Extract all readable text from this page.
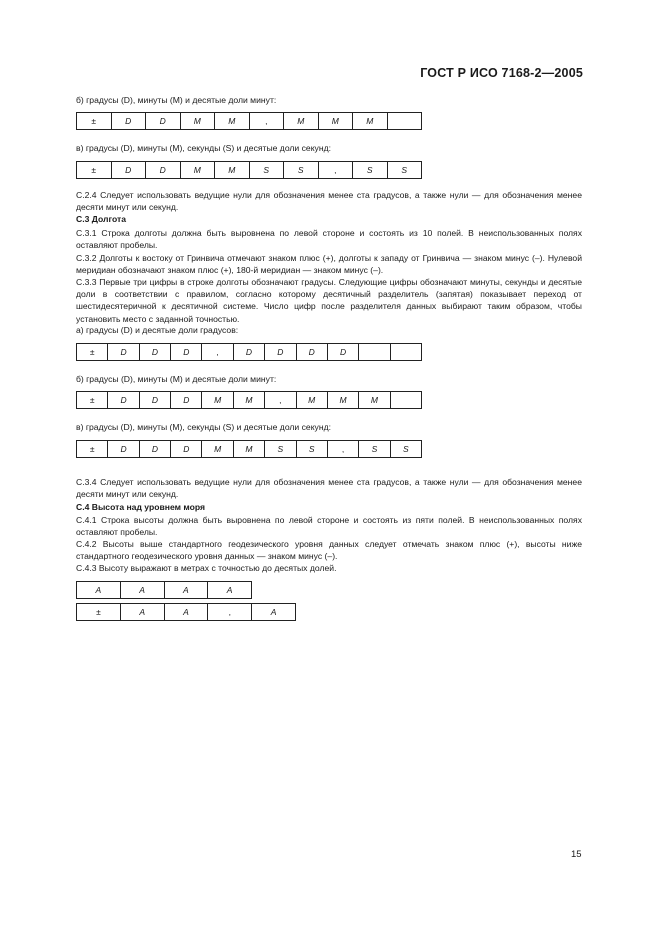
ГОСТ Р ИСО 7168-2—2005

б) градусы (D), минуты (M) и десятые доли минут:

±	D	D	M	M	,	M	M	M	

в) градусы (D), минуты (M), секунды (S) и десятые доли секунд:

±	D	D	M	M	S	S	,	S	S

С.2.4 Следует использовать ведущие нули для обозначения менее ста градусов, а также нули — для обозначения менее десяти минут или секунд.

С.3 Долгота

С.3.1 Строка долготы должна быть выровнена по левой стороне и состоять из 10 полей. В неиспользованных полях оставляют пробелы.

С.3.2 Долготы к востоку от Гринвича отмечают знаком плюс (+), долготы к западу от Гринвича — знаком минус (–). Нулевой меридиан обозначают знаком плюс (+), 180-й меридиан — знаком минус (–).

С.3.3 Первые три цифры в строке долготы обозначают градусы. Следующие цифры обозначают минуты, секунды и десятые доли в соответствии с правилом, согласно которому десятичный разделитель (запятая) показывает переход от шестидесятеричной к десятичной системе. Число цифр после разделителя данных выбирают таким образом, чтобы установить место с заданной точностью.

а) градусы (D) и десятые доли градусов:

±	D	D	D	,	D	D	D	D		

б) градусы (D), минуты (M) и десятые доли минут:

±	D	D	D	M	M	,	M	M	M	

в) градусы (D), минуты (M), секунды (S) и десятые доли секунд:

±	D	D	D	M	M	S	S	,	S	S

С.3.4 Следует использовать ведущие нули для обозначения менее ста градусов, а также нули — для обозначения менее десяти минут или секунд.

С.4 Высота над уровнем моря

С.4.1 Строка высоты должна быть выровнена по левой стороне и состоять из пяти полей. В неиспользованных полях оставляют пробелы.

С.4.2 Высоты выше стандартного геодезического уровня данных следует отмечать знаком плюс (+), высоты ниже стандартного геодезического уровня данных — знаком минус (–).

С.4.3 Высоту выражают в метрах с точностью до десятых долей.

A	A	A	A
±	A	A	,	A
15
